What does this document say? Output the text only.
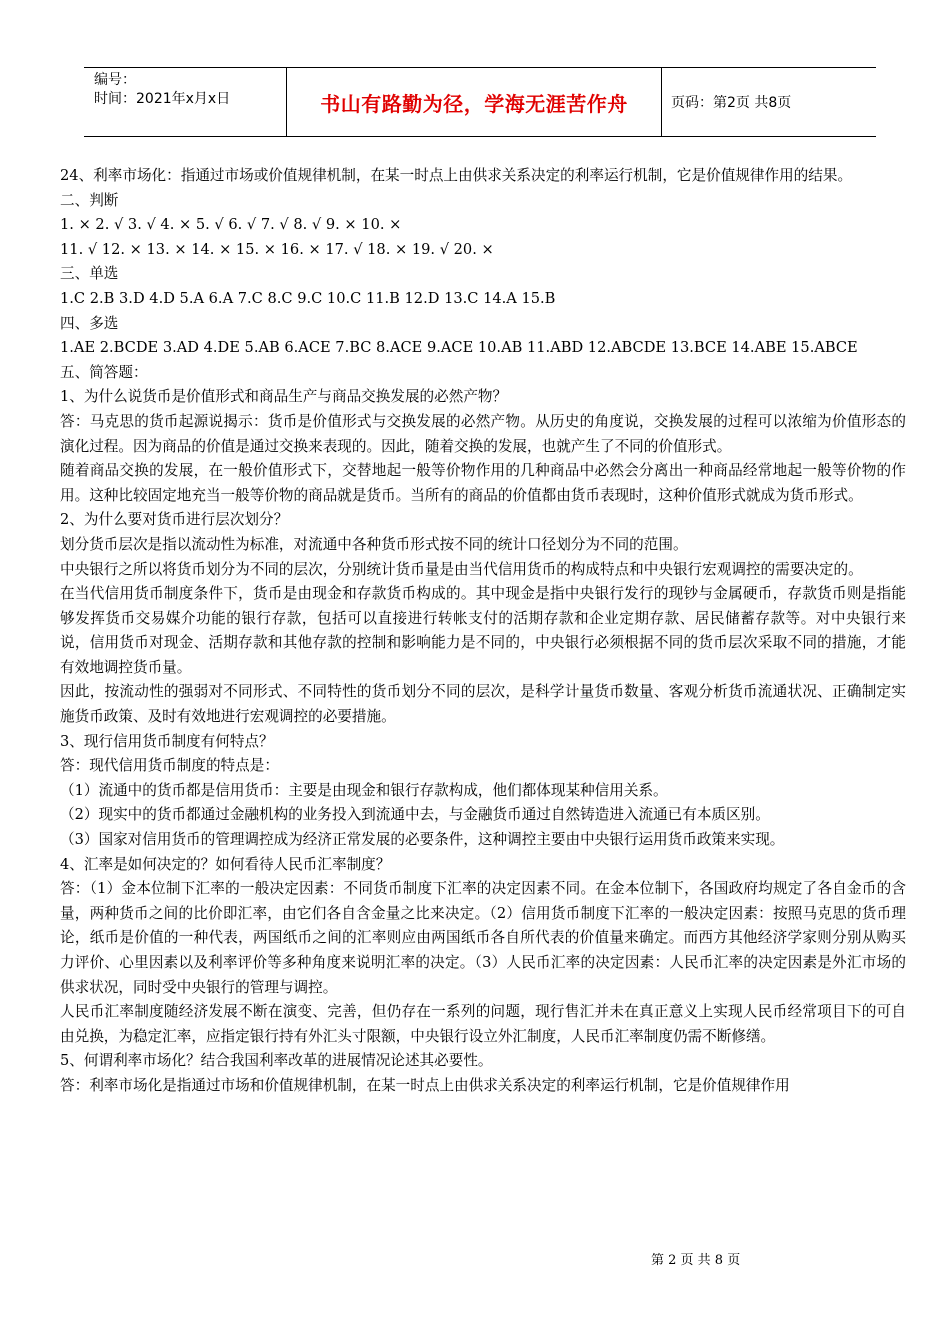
编号：
时间：2021年x月x日	书山有路勤为径，学海无涯苦作舟	页码：第2页 共8页

24、利率市场化：指通过市场或价值规律机制，在某一时点上由供求关系决定的利率运行机制，它是价值规律作用的结果。

二、判断

1. × 2. √ 3. √ 4. × 5. √ 6. √ 7. √ 8. √ 9. × 10. ×

11. √ 12. × 13. × 14. × 15. × 16. × 17. √ 18. × 19. √ 20. ×

三、单选

1.C 2.B 3.D 4.D 5.A 6.A 7.C 8.C 9.C 10.C 11.B 12.D 13.C 14.A 15.B

四、多选

1.AE 2.BCDE 3.AD 4.DE 5.AB 6.ACE 7.BC 8.ACE 9.ACE 10.AB 11.ABD 12.ABCDE 13.BCE 14.ABE 15.ABCE

五、简答题：

1、为什么说货币是价值形式和商品生产与商品交换发展的必然产物？

答：马克思的货币起源说揭示：货币是价值形式与交换发展的必然产物。从历史的角度说，交换发展的过程可以浓缩为价值形态的演化过程。因为商品的价值是通过交换来表现的。因此，随着交换的发展，也就产生了不同的价值形式。

随着商品交换的发展，在一般价值形式下，交替地起一般等价物作用的几种商品中必然会分离出一种商品经常地起一般等价物的作用。这种比较固定地充当一般等价物的商品就是货币。当所有的商品的价值都由货币表现时，这种价值形式就成为货币形式。

2、为什么要对货币进行层次划分？

划分货币层次是指以流动性为标准，对流通中各种货币形式按不同的统计口径划分为不同的范围。

中央银行之所以将货币划分为不同的层次，分别统计货币量是由当代信用货币的构成特点和中央银行宏观调控的需要决定的。

在当代信用货币制度条件下，货币是由现金和存款货币构成的。其中现金是指中央银行发行的现钞与金属硬币，存款货币则是指能够发挥货币交易媒介功能的银行存款，包括可以直接进行转帐支付的活期存款和企业定期存款、居民储蓄存款等。对中央银行来说，信用货币对现金、活期存款和其他存款的控制和影响能力是不同的，中央银行必须根据不同的货币层次采取不同的措施，才能有效地调控货币量。

因此，按流动性的强弱对不同形式、不同特性的货币划分不同的层次，是科学计量货币数量、客观分析货币流通状况、正确制定实施货币政策、及时有效地进行宏观调控的必要措施。

3、现行信用货币制度有何特点？

答：现代信用货币制度的特点是：

（1）流通中的货币都是信用货币：主要是由现金和银行存款构成，他们都体现某种信用关系。

（2）现实中的货币都通过金融机构的业务投入到流通中去，与金融货币通过自然铸造进入流通已有本质区别。

（3）国家对信用货币的管理调控成为经济正常发展的必要条件，这种调控主要由中央银行运用货币政策来实现。

4、汇率是如何决定的？如何看待人民币汇率制度？

答：（1）金本位制下汇率的一般决定因素：不同货币制度下汇率的决定因素不同。在金本位制下，各国政府均规定了各自金币的含量，两种货币之间的比价即汇率，由它们各自含金量之比来决定。（2）信用货币制度下汇率的一般决定因素：按照马克思的货币理论，纸币是价值的一种代表，两国纸币之间的汇率则应由两国纸币各自所代表的价值量来确定。而西方其他经济学家则分别从购买力评价、心里因素以及利率评价等多种角度来说明汇率的决定。（3）人民币汇率的决定因素：人民币汇率的决定因素是外汇市场的供求状况，同时受中央银行的管理与调控。

人民币汇率制度随经济发展不断在演变、完善，但仍存在一系列的问题，现行售汇并未在真正意义上实现人民币经常项目下的可自由兑换，为稳定汇率，应指定银行持有外汇头寸限额，中央银行设立外汇制度，人民币汇率制度仍需不断修缮。

5、何谓利率市场化？结合我国利率改革的进展情况论述其必要性。

答：利率市场化是指通过市场和价值规律机制，在某一时点上由供求关系决定的利率运行机制，它是价值规律作用

第 2 页 共 8 页
